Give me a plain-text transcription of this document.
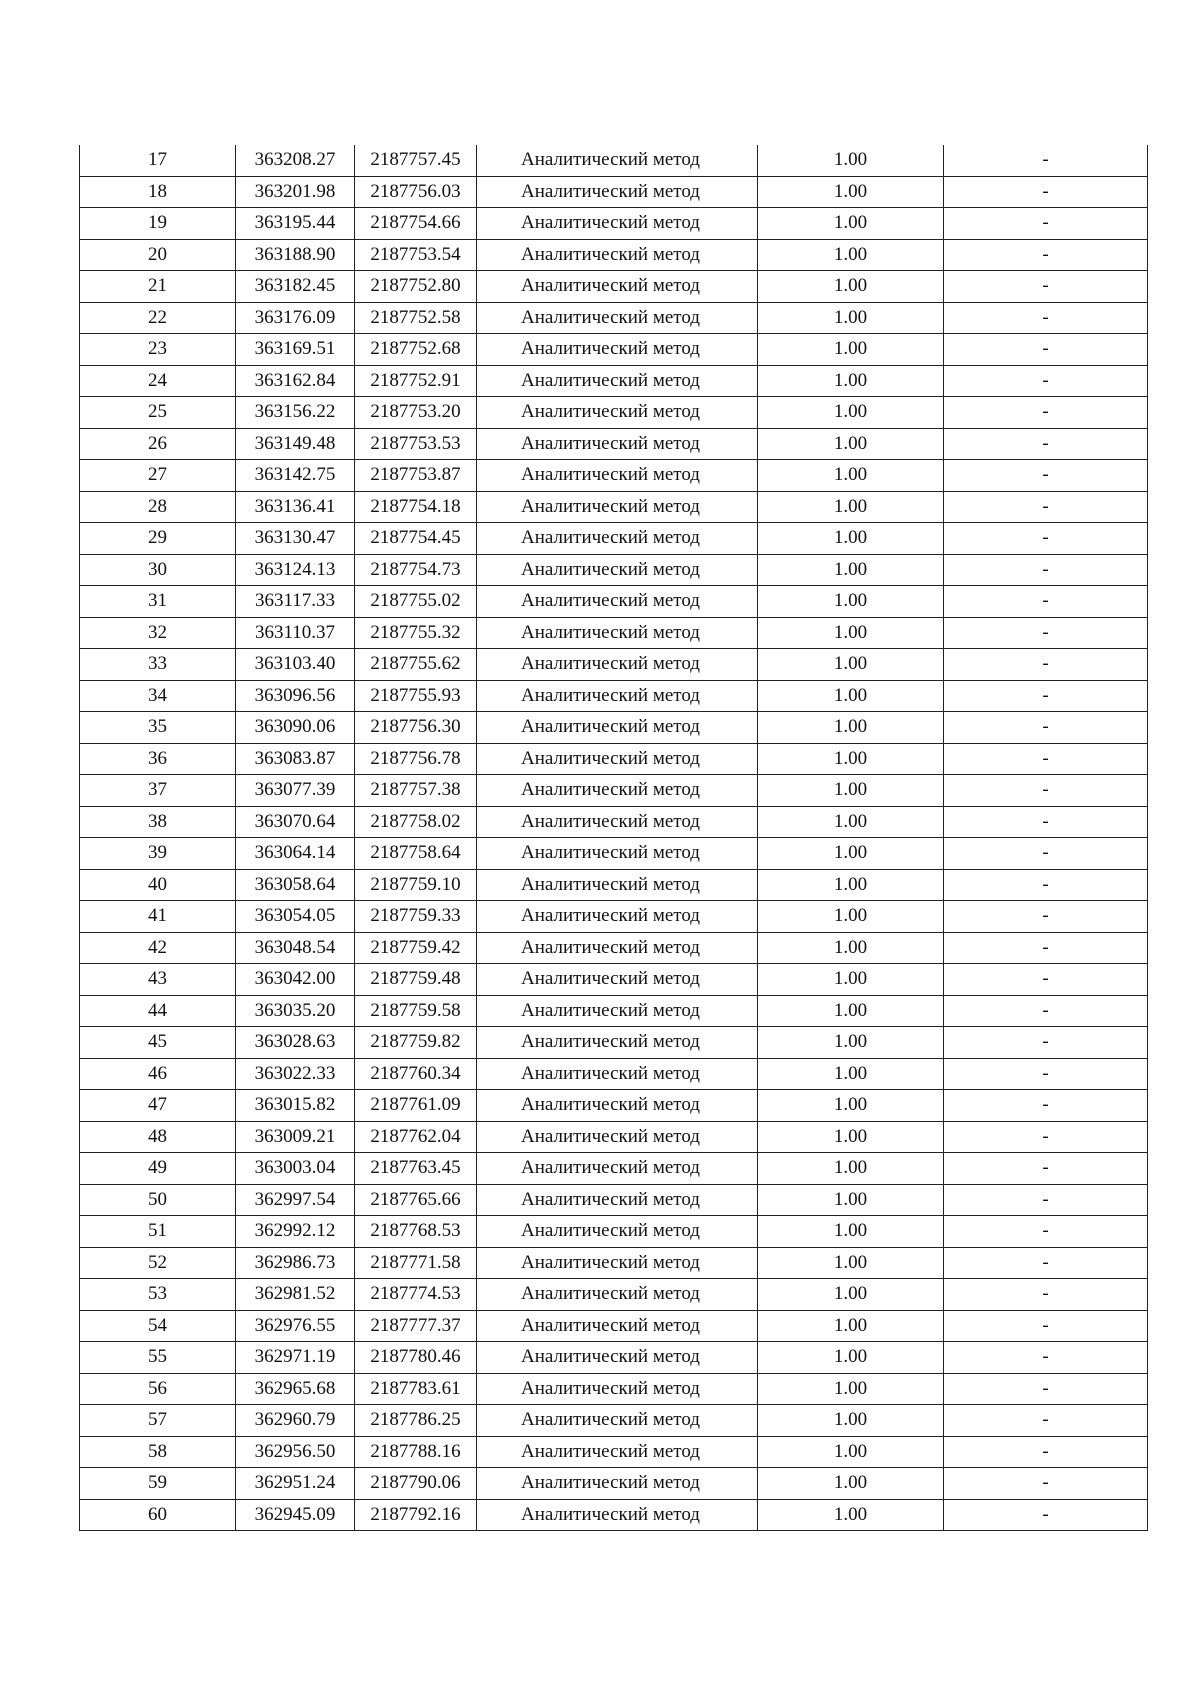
17	363208.27	2187757.45	Аналитический метод	1.00	-
18	363201.98	2187756.03	Аналитический метод	1.00	-
19	363195.44	2187754.66	Аналитический метод	1.00	-
20	363188.90	2187753.54	Аналитический метод	1.00	-
21	363182.45	2187752.80	Аналитический метод	1.00	-
22	363176.09	2187752.58	Аналитический метод	1.00	-
23	363169.51	2187752.68	Аналитический метод	1.00	-
24	363162.84	2187752.91	Аналитический метод	1.00	-
25	363156.22	2187753.20	Аналитический метод	1.00	-
26	363149.48	2187753.53	Аналитический метод	1.00	-
27	363142.75	2187753.87	Аналитический метод	1.00	-
28	363136.41	2187754.18	Аналитический метод	1.00	-
29	363130.47	2187754.45	Аналитический метод	1.00	-
30	363124.13	2187754.73	Аналитический метод	1.00	-
31	363117.33	2187755.02	Аналитический метод	1.00	-
32	363110.37	2187755.32	Аналитический метод	1.00	-
33	363103.40	2187755.62	Аналитический метод	1.00	-
34	363096.56	2187755.93	Аналитический метод	1.00	-
35	363090.06	2187756.30	Аналитический метод	1.00	-
36	363083.87	2187756.78	Аналитический метод	1.00	-
37	363077.39	2187757.38	Аналитический метод	1.00	-
38	363070.64	2187758.02	Аналитический метод	1.00	-
39	363064.14	2187758.64	Аналитический метод	1.00	-
40	363058.64	2187759.10	Аналитический метод	1.00	-
41	363054.05	2187759.33	Аналитический метод	1.00	-
42	363048.54	2187759.42	Аналитический метод	1.00	-
43	363042.00	2187759.48	Аналитический метод	1.00	-
44	363035.20	2187759.58	Аналитический метод	1.00	-
45	363028.63	2187759.82	Аналитический метод	1.00	-
46	363022.33	2187760.34	Аналитический метод	1.00	-
47	363015.82	2187761.09	Аналитический метод	1.00	-
48	363009.21	2187762.04	Аналитический метод	1.00	-
49	363003.04	2187763.45	Аналитический метод	1.00	-
50	362997.54	2187765.66	Аналитический метод	1.00	-
51	362992.12	2187768.53	Аналитический метод	1.00	-
52	362986.73	2187771.58	Аналитический метод	1.00	-
53	362981.52	2187774.53	Аналитический метод	1.00	-
54	362976.55	2187777.37	Аналитический метод	1.00	-
55	362971.19	2187780.46	Аналитический метод	1.00	-
56	362965.68	2187783.61	Аналитический метод	1.00	-
57	362960.79	2187786.25	Аналитический метод	1.00	-
58	362956.50	2187788.16	Аналитический метод	1.00	-
59	362951.24	2187790.06	Аналитический метод	1.00	-
60	362945.09	2187792.16	Аналитический метод	1.00	-
